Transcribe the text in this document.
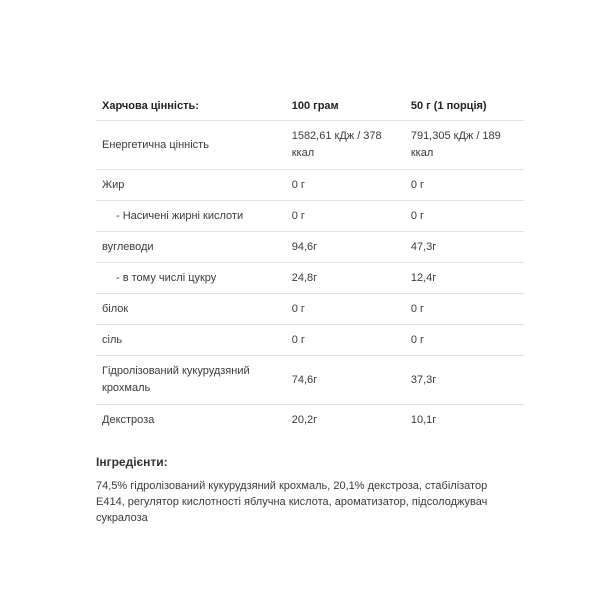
Харчова цінність:	100 грам	50 г (1 порція)
Енергетична цінність	1582,61 кДж / 378 ккал	791,305 кДж / 189 ккал
Жир	0 г	0 г
- Насичені жирні кислоти	0 г	0 г
вуглеводи	94,6г	47,3г
- в тому числі цукру	24,8г	12,4г
білок	0 г	0 г
сіль	0 г	0 г
Гідролізований кукурудзяний крохмаль	74,6г	37,3г
Декстроза	20,2г	10,1г
Інгредієнти:
74,5% гідролізований кукурудзяний крохмаль, 20,1% декстроза, стабілізатор E414, регулятор кислотності яблучна кислота, ароматизатор, підсолоджувач сукралоза
